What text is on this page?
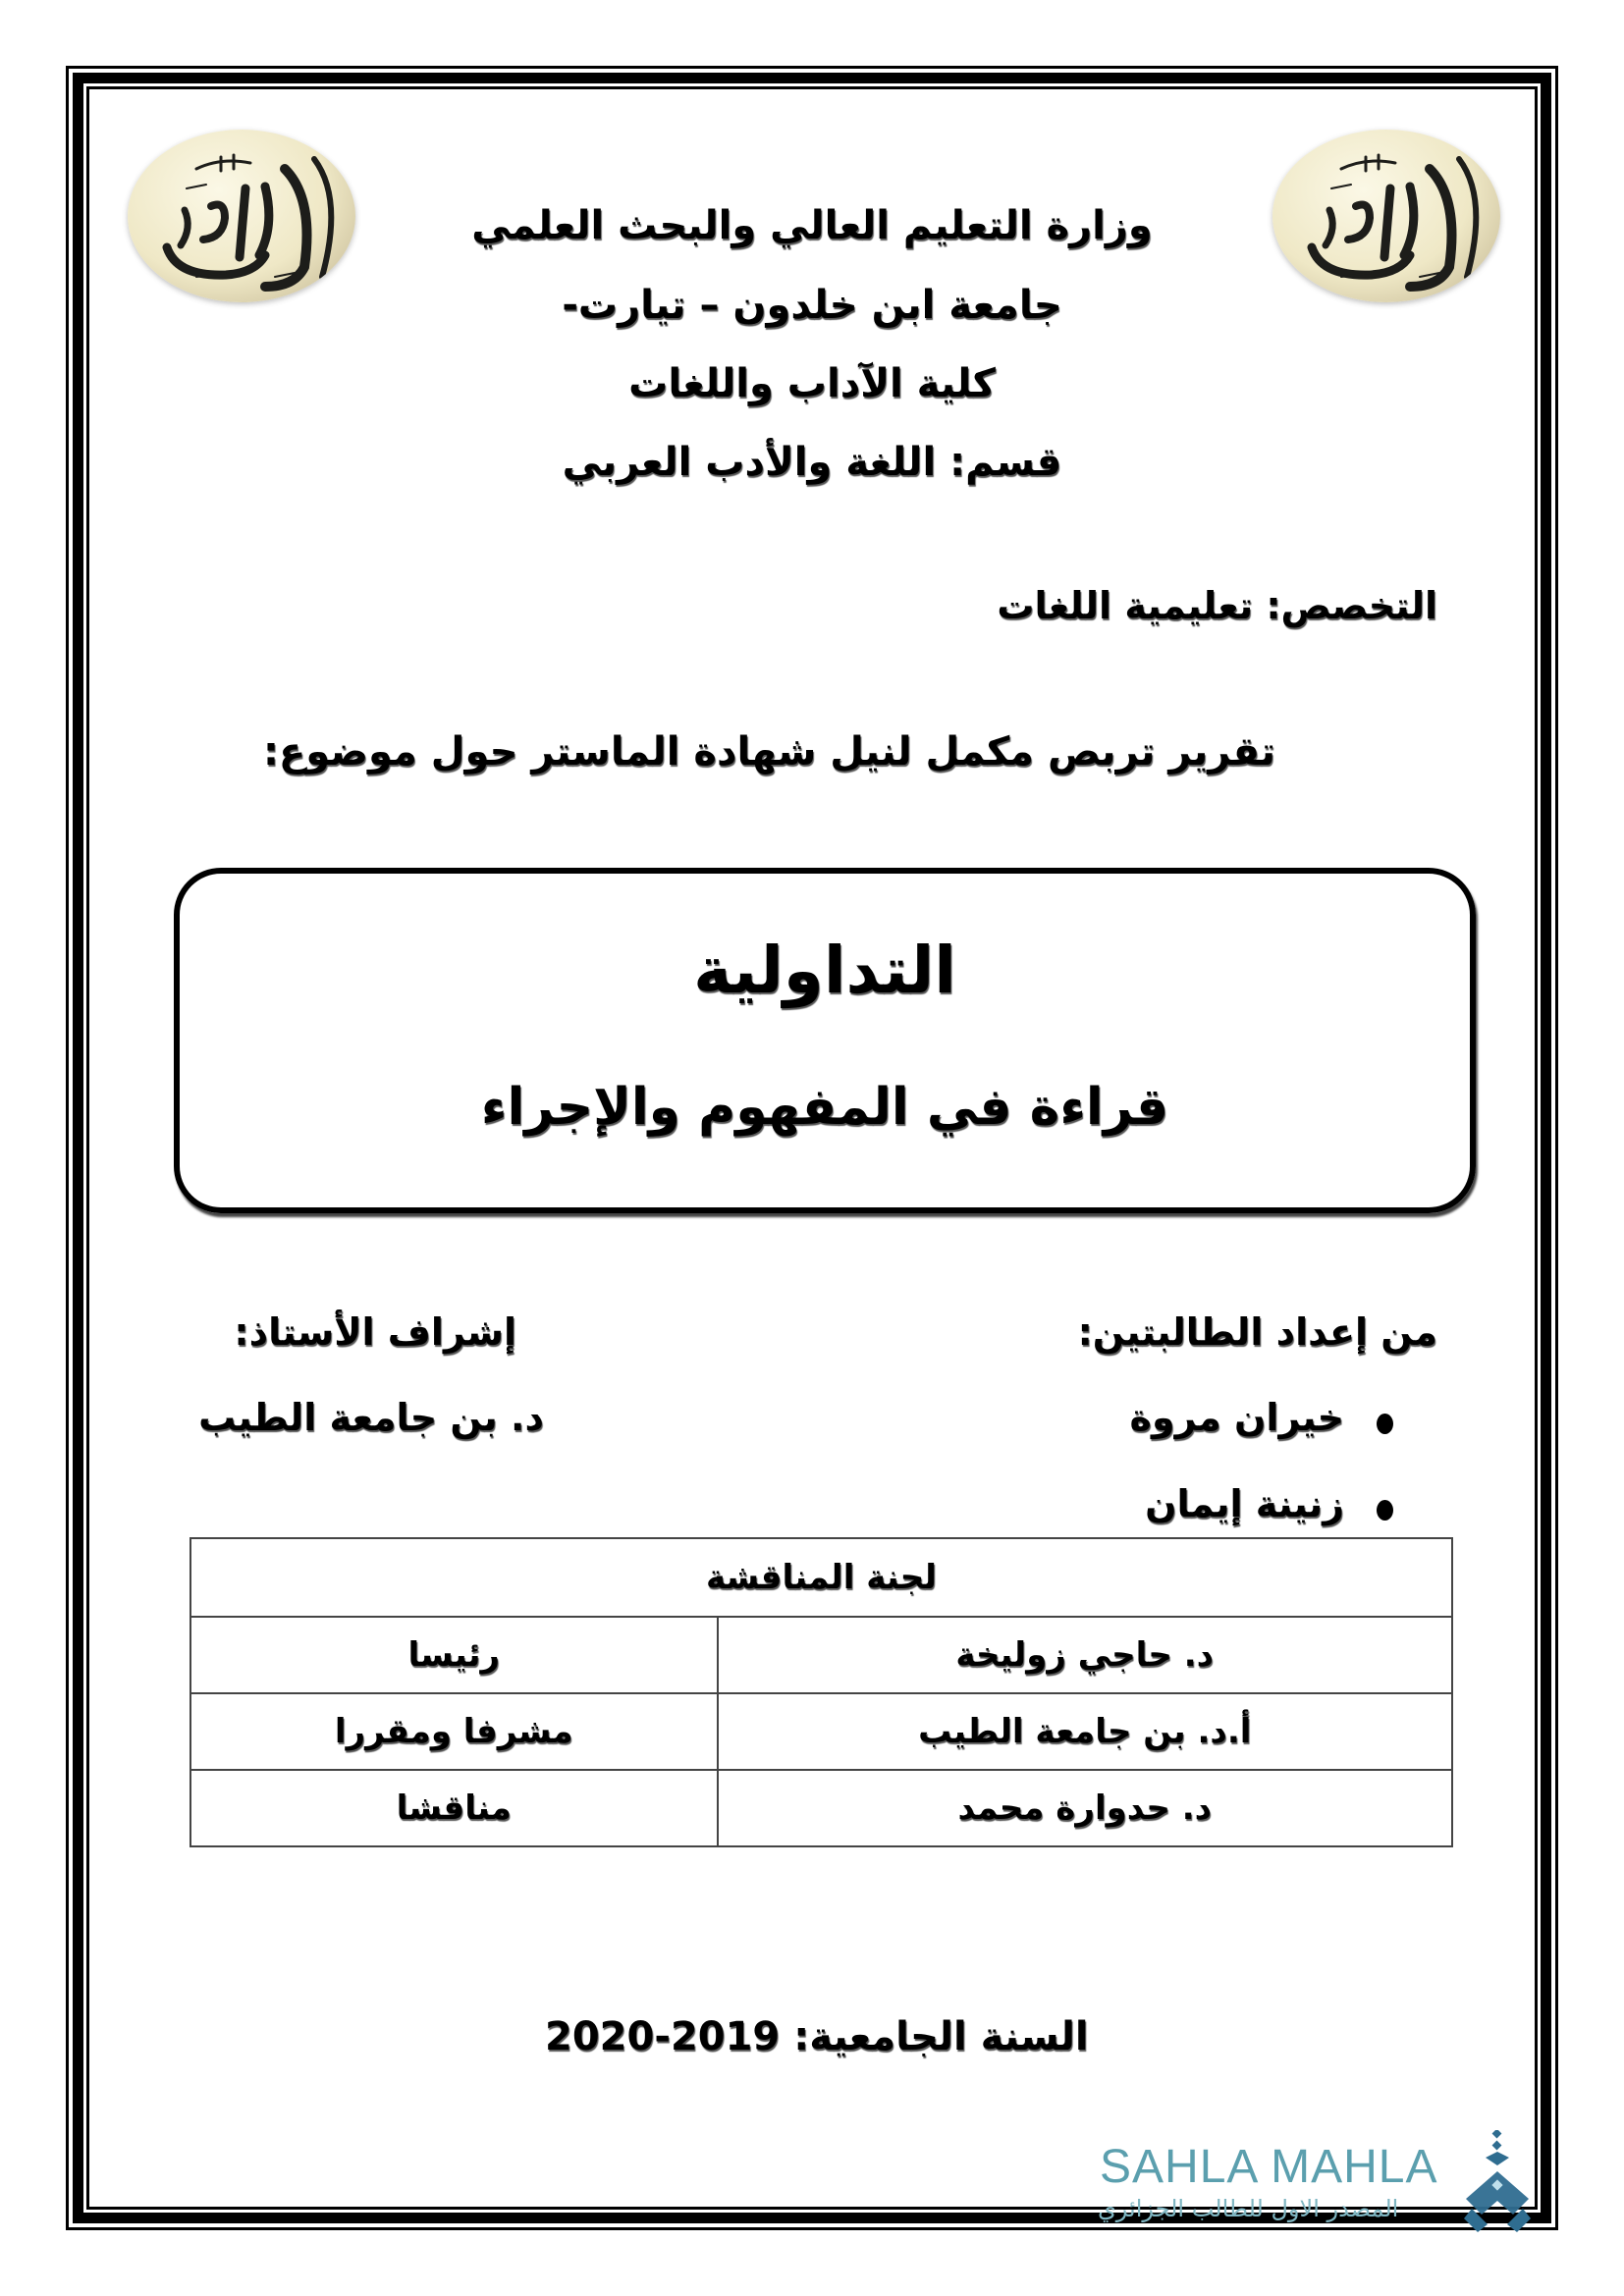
وزارة التعليم العالي والبحث العلمي
جامعة ابن خلدون – تيارت-
كلية الآداب واللغات
قسم: اللغة والأدب العربي
التخصص: تعليمية اللغات
تقرير تربص مكمل لنيل شهادة الماستر حول موضوع:
التداولية
قراءة في المفهوم والإجراء
من إعداد الطالبتين:
إشراف الأستاذ:
خيران مروة
زنينة إيمان
د. بن جامعة الطيب
لجنة المناقشة	
د. حاجي زوليخة	رئيسا
أ.د. بن جامعة الطيب	مشرفا ومقررا
د. حدوارة محمد	مناقشا
السنة الجامعية: 2019-2020
SAHLA MAHLA
المصدر الاول للطالب الجزائري
